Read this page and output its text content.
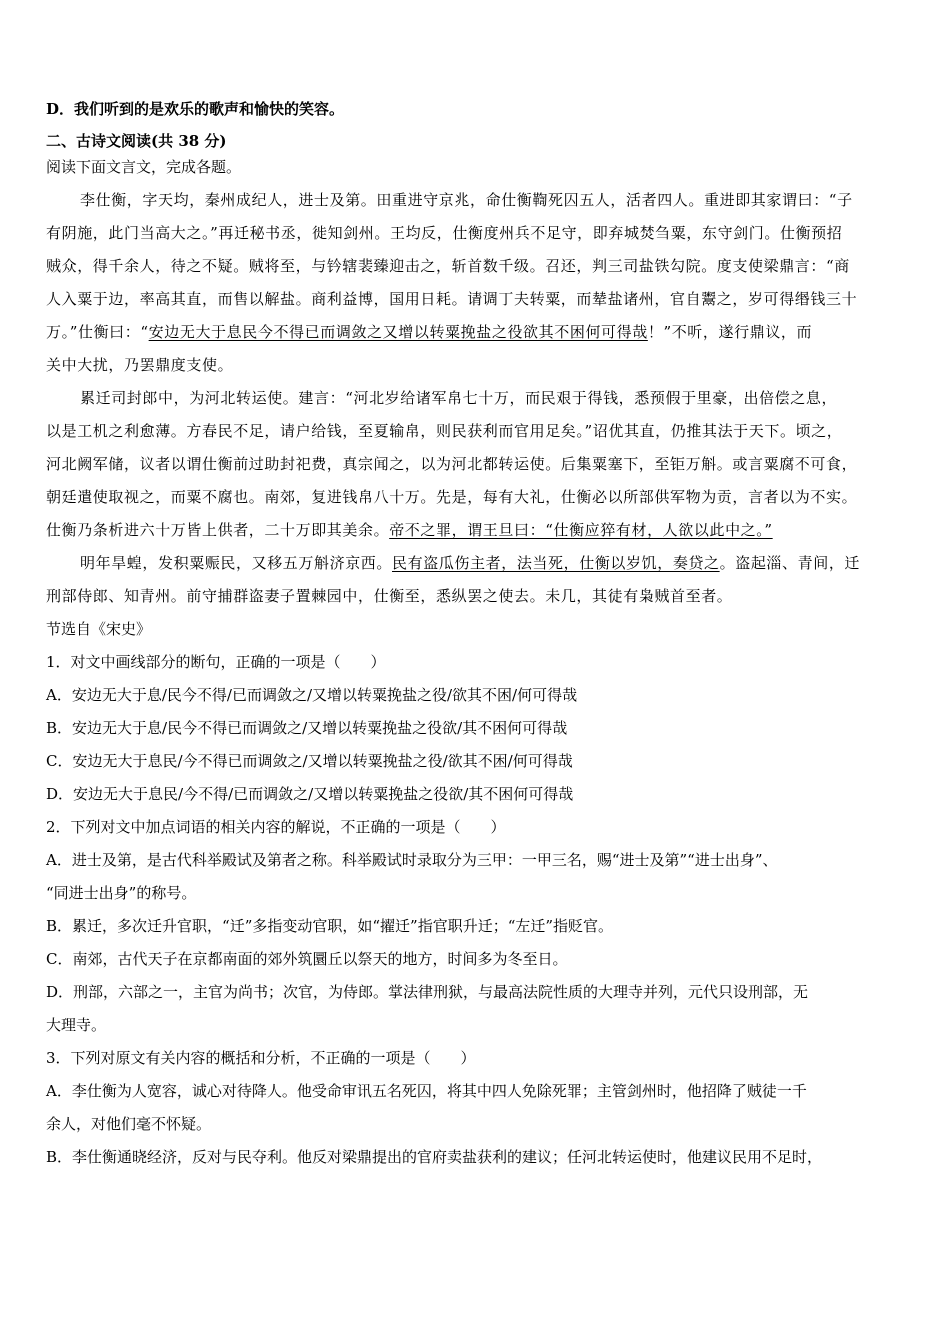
D．我们听到的是欢乐的歌声和愉快的笑容。
二、古诗文阅读(共 38 分)
阅读下面文言文，完成各题。
李仕衡，字天均，秦州成纪人，进士及第。田重进守京兆，命仕衡鞫死囚五人，活者四人。重进即其家谓曰：“子
有阴施，此门当高大之。”再迁秘书丞，徙知剑州。王均反，仕衡度州兵不足守，即弃城焚刍粟，东守剑门。仕衡预招
贼众，得千余人，待之不疑。贼将至，与钤辖裴臻迎击之，斩首数千级。召还，判三司盐铁勾院。度支使梁鼎言：“商
人入粟于边，率高其直，而售以解盐。商利益博，国用日耗。请调丁夫转粟，而辇盐诸州，官自鬻之，岁可得缗钱三十
万。”仕衡曰：“安边无大于息民今不得已而调敛之又增以转粟挽盐之役欲其不困何可得哉！”不听，遂行鼎议，而
关中大扰，乃罢鼎度支使。
累迁司封郎中，为河北转运使。建言：“河北岁给诸军帛七十万，而民艰于得钱，悉预假于里豪，出倍偿之息，
以是工机之利愈薄。方春民不足，请户给钱，至夏输帛，则民获利而官用足矣。”诏优其直，仍推其法于天下。顷之，
河北阙军储，议者以谓仕衡前过助封祀费，真宗闻之，以为河北都转运使。后集粟塞下，至钜万斛。或言粟腐不可食，
朝廷遣使取视之，而粟不腐也。南郊，复进钱帛八十万。先是，每有大礼，仕衡必以所部供军物为贡，言者以为不实。
仕衡乃条析进六十万皆上供者，二十万即其美余。帝不之罪，谓王旦曰：“仕衡应猝有材，人欲以此中之。”
明年旱蝗，发积粟赈民，又移五万斛济京西。民有盗瓜伤主者，法当死，仕衡以岁饥，奏贷之。盗起淄、青间，迁
刑部侍郎、知青州。前守捕群盗妻子置棘园中，仕衡至，悉纵罢之使去。未几，其徒有枭贼首至者。
节选自《宋史》
1．对文中画线部分的断句，正确的一项是（　　）
A．安边无大于息/民今不得/已而调敛之/又增以转粟挽盐之役/欲其不困/何可得哉
B．安边无大于息/民今不得已而调敛之/又增以转粟挽盐之役欲/其不困何可得哉
C．安边无大于息民/今不得已而调敛之/又增以转粟挽盐之役/欲其不困/何可得哉
D．安边无大于息民/今不得/已而调敛之/又增以转粟挽盐之役欲/其不困何可得哉
2．下列对文中加点词语的相关内容的解说，不正确的一项是（　　）
A．进士及第，是古代科举殿试及第者之称。科举殿试时录取分为三甲：一甲三名，赐“进士及第”“进士出身”、
“同进士出身”的称号。
B．累迁，多次迁升官职，“迁”多指变动官职，如“擢迁”指官职升迁；“左迁”指贬官。
C．南郊，古代天子在京都南面的郊外筑圜丘以祭天的地方，时间多为冬至日。
D．刑部，六部之一，主官为尚书；次官，为侍郎。掌法律刑狱，与最高法院性质的大理寺并列，元代只设刑部，无
大理寺。
3．下列对原文有关内容的概括和分析，不正确的一项是（　　）
A．李仕衡为人宽容，诚心对待降人。他受命审讯五名死囚，将其中四人免除死罪；主管剑州时，他招降了贼徒一千
余人，对他们毫不怀疑。
B．李仕衡通晓经济，反对与民夺利。他反对梁鼎提出的官府卖盐获利的建议；任河北转运使时，他建议民用不足时，
